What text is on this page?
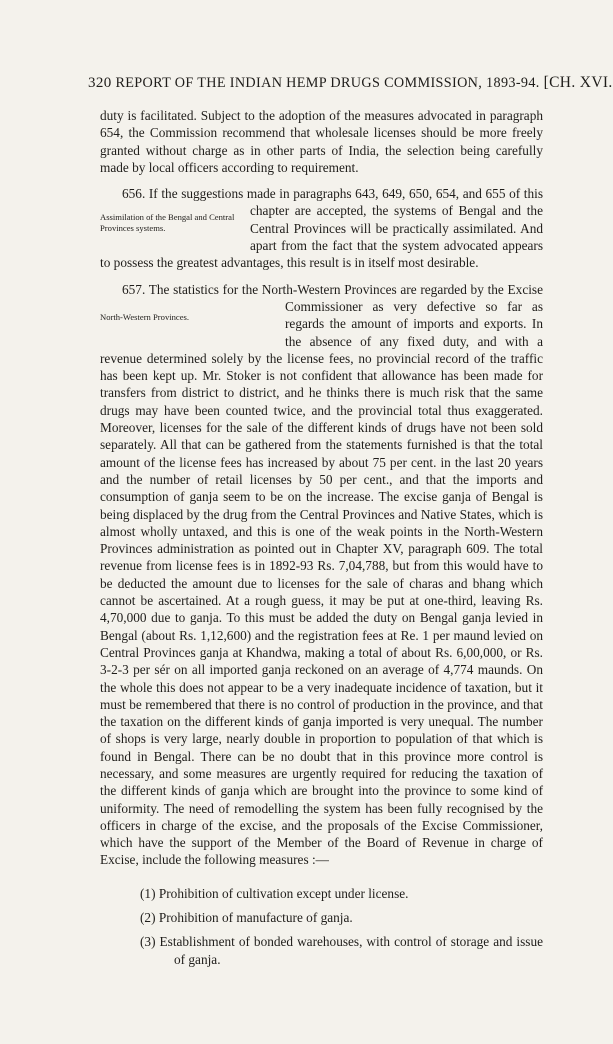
320 REPORT OF THE INDIAN HEMP DRUGS COMMISSION, 1893-94. [CH. XVI.

duty is facilitated. Subject to the adoption of the measures advocated in paragraph 654, the Commission recommend that wholesale licenses should be more freely granted without charge as in other parts of India, the selection being carefully made by local officers according to requirement.

656. If the suggestions made in paragraphs 643, 649, 650, 654, and 655 of this
Assimilation of the Bengal and Central Provinces systems.
chapter are accepted, the systems of Bengal and the Central Provinces will be practically assimilated. And apart from the fact that the system advocated appears to possess the greatest advantages, this result is in itself most desirable.

657. The statistics for the North-Western Provinces are regarded by the
North-Western Provinces.
Excise Commissioner as very defective so far as regards the amount of imports and exports. In the absence of any fixed duty, and with a revenue determined solely by the license fees, no provincial record of the traffic has been kept up. Mr. Stoker is not confident that allowance has been made for transfers from district to district, and he thinks there is much risk that the same drugs may have been counted twice, and the provincial total thus exaggerated. Moreover, licenses for the sale of the different kinds of drugs have not been sold separately. All that can be gathered from the statements furnished is that the total amount of the license fees has increased by about 75 per cent. in the last 20 years and the number of retail licenses by 50 per cent., and that the imports and consumption of ganja seem to be on the increase. The excise ganja of Bengal is being displaced by the drug from the Central Provinces and Native States, which is almost wholly untaxed, and this is one of the weak points in the North-Western Provinces administration as pointed out in Chapter XV, paragraph 609. The total revenue from license fees is in 1892-93 Rs. 7,04,788, but from this would have to be deducted the amount due to licenses for the sale of charas and bhang which cannot be ascertained. At a rough guess, it may be put at one-third, leaving Rs. 4,70,000 due to ganja. To this must be added the duty on Bengal ganja levied in Bengal (about Rs. 1,12,600) and the registration fees at Re. 1 per maund levied on Central Provinces ganja at Khandwa, making a total of about Rs. 6,00,000, or Rs. 3-2-3 per sér on all imported ganja reckoned on an average of 4,774 maunds. On the whole this does not appear to be a very inadequate incidence of taxation, but it must be remembered that there is no control of production in the province, and that the taxation on the different kinds of ganja imported is very unequal. The number of shops is very large, nearly double in proportion to population of that which is found in Bengal. There can be no doubt that in this province more control is necessary, and some measures are urgently required for reducing the taxation of the different kinds of ganja which are brought into the province to some kind of uniformity. The need of remodelling the system has been fully recognised by the officers in charge of the excise, and the proposals of the Excise Commissioner, which have the support of the Member of the Board of Revenue in charge of Excise, include the following measures :—

(1) Prohibition of cultivation except under license.
(2) Prohibition of manufacture of ganja.
(3) Establishment of bonded warehouses, with control of storage and issue of ganja.
